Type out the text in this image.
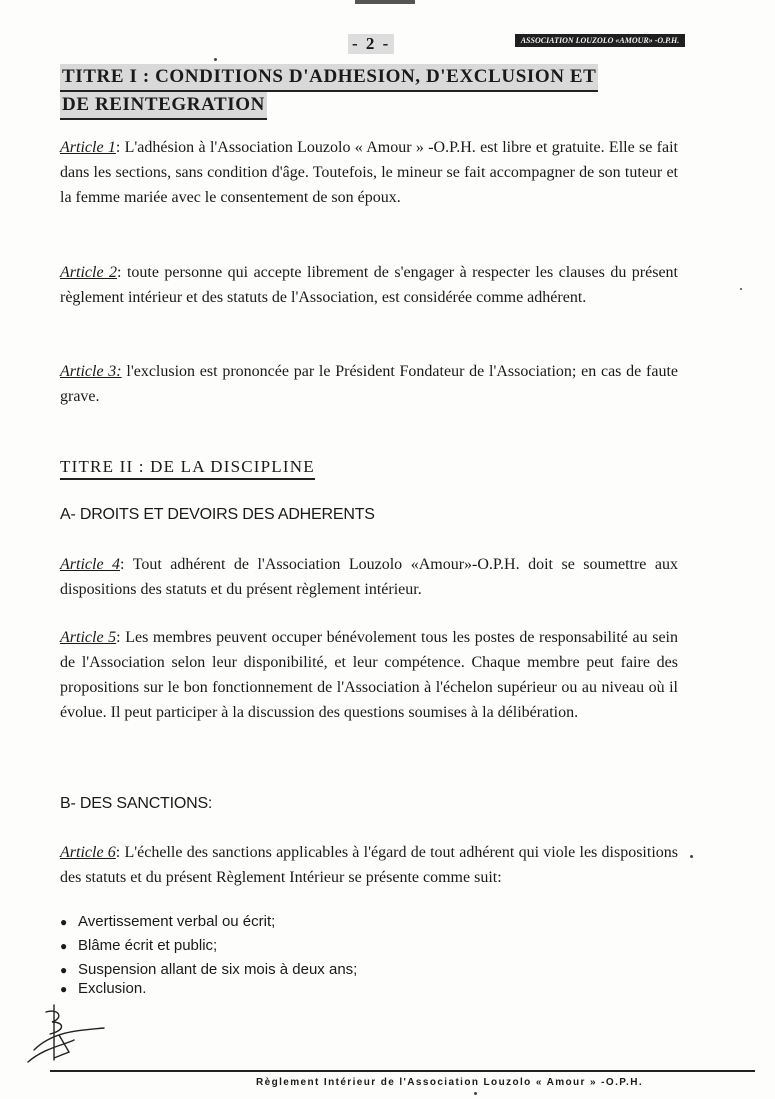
- 2 -	ASSOCIATION LOUZOLO «AMOUR» -O.P.H.
TITRE I : CONDITIONS D'ADHESION, D'EXCLUSION ET
DE REINTEGRATION
Article 1: L'adhésion à l'Association Louzolo « Amour » -O.P.H. est libre et gratuite. Elle se fait dans les sections, sans condition d'âge. Toutefois, le mineur se fait accompagner de son tuteur et la femme mariée avec le consentement de son époux.
Article 2: toute personne qui accepte librement de s'engager à respecter les clauses du présent règlement intérieur et des statuts de l'Association, est considérée comme adhérent.
Article 3: l'exclusion est prononcée par le Président Fondateur de l'Association; en cas de faute grave.
TITRE II : DE LA DISCIPLINE
A- DROITS ET DEVOIRS DES ADHERENTS
Article 4: Tout adhérent de l'Association Louzolo «Amour»-O.P.H. doit se soumettre aux dispositions des statuts et du présent règlement intérieur.
Article 5: Les membres peuvent occuper bénévolement tous les postes de responsabilité au sein de l'Association selon leur disponibilité, et leur compétence. Chaque membre peut faire des propositions sur le bon fonctionnement de l'Association à l'échelon supérieur ou au niveau où il évolue. Il peut participer à la discussion des questions soumises à la délibération.
B- DES SANCTIONS:
Article 6: L'échelle des sanctions applicables à l'égard de tout adhérent qui viole les dispositions des statuts et du présent Règlement Intérieur se présente comme suit:
● Avertissement verbal ou écrit;
● Blâme écrit et public;
● Suspension allant de six mois à deux ans;
● Exclusion.
Règlement Intérieur de l'Association Louzolo « Amour » -O.P.H.
